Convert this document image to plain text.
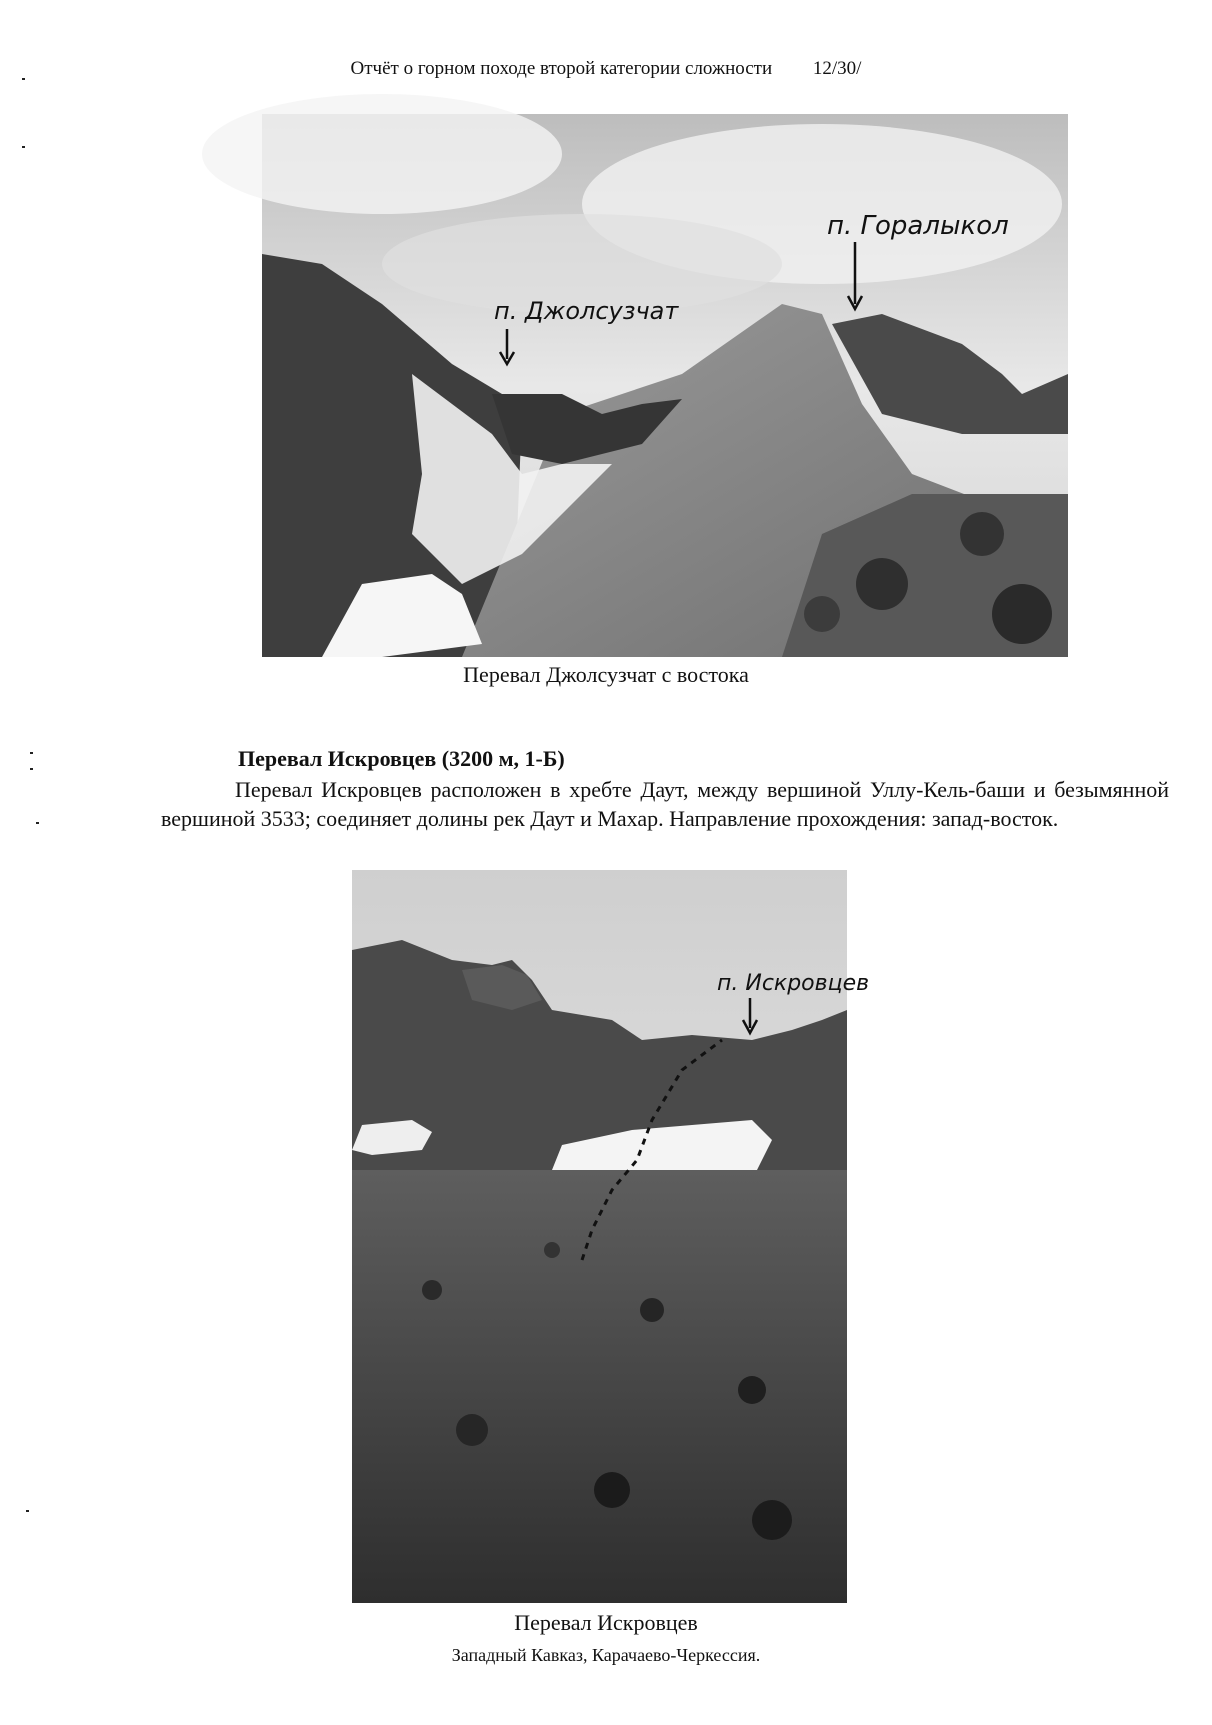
Отчёт о горном походе второй категории сложности 12/30/
п. Джолсузчат
п. Горалыкол
Перевал Джолсузчат с востока
Перевал Искровцев (3200 м, 1-Б)
Перевал Искровцев расположен в хребте Даут, между вершиной Уллу-Кель-баши и безымянной вершиной 3533; соединяет долины рек Даут и Махар. Направление прохождения: запад-восток.
п. Искровцев
Перевал Искровцев
Западный Кавказ, Карачаево-Черкессия.
